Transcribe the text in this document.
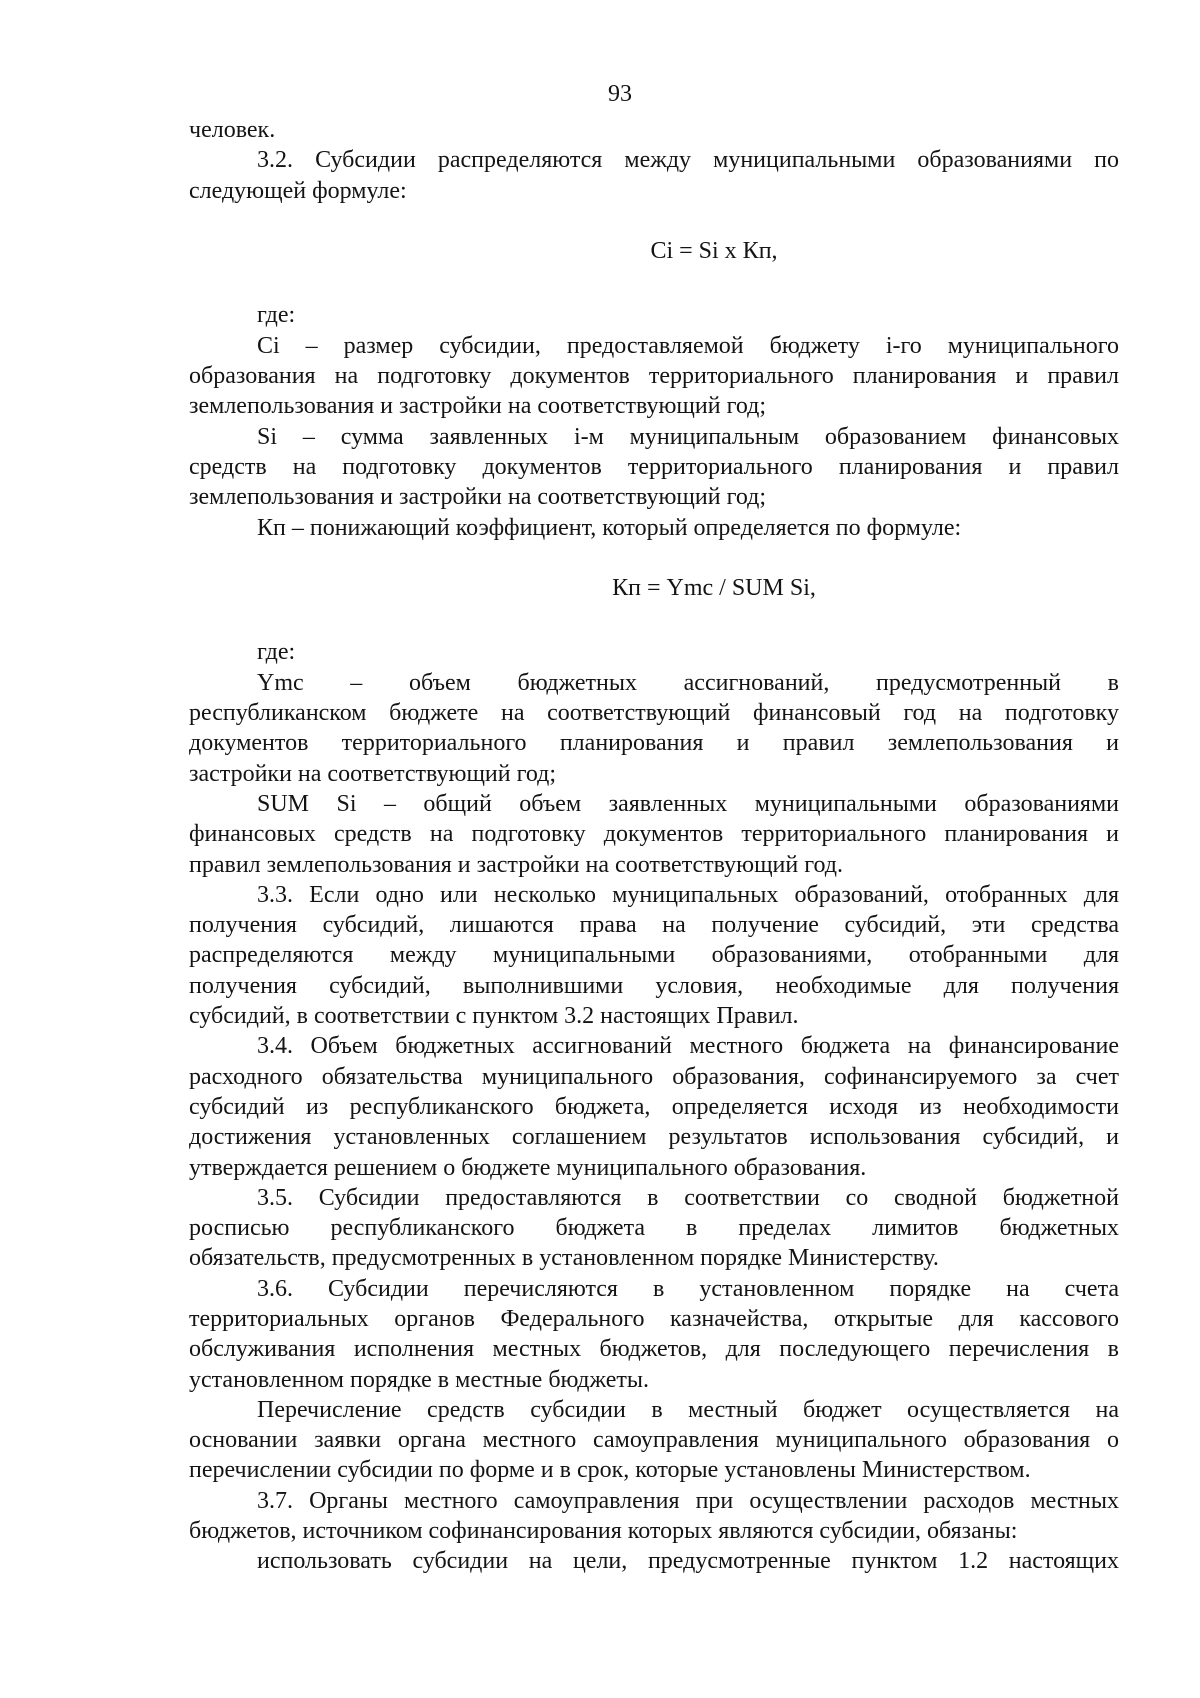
93
человек.
3.2. Субсидии распределяются между муниципальными образованиями по
следующей формуле:
Ci = Si x Кп,
где:
Ci – размер субсидии, предоставляемой бюджету i-го муниципального
образования на подготовку документов территориального планирования и правил
землепользования и застройки на соответствующий год;
Si – сумма заявленных i-м муниципальным образованием финансовых
средств на подготовку документов территориального планирования и правил
землепользования и застройки на соответствующий год;
Кп – понижающий коэффициент, который определяется по формуле:
Кп = Ymc / SUM Si,
где:
Ymc – объем бюджетных ассигнований, предусмотренный в
республиканском бюджете на соответствующий финансовый год на подготовку
документов территориального планирования и правил землепользования и
застройки на соответствующий год;
SUM Si – общий объем заявленных муниципальными образованиями
финансовых средств на подготовку документов территориального планирования и
правил землепользования и застройки на соответствующий год.
3.3. Если одно или несколько муниципальных образований, отобранных для
получения субсидий, лишаются права на получение субсидий, эти средства
распределяются между муниципальными образованиями, отобранными для
получения субсидий, выполнившими условия, необходимые для получения
субсидий, в соответствии с пунктом 3.2 настоящих Правил.
3.4. Объем бюджетных ассигнований местного бюджета на финансирование
расходного обязательства муниципального образования, софинансируемого за счет
субсидий из республиканского бюджета, определяется исходя из необходимости
достижения установленных соглашением результатов использования субсидий, и
утверждается решением о бюджете муниципального образования.
3.5. Субсидии предоставляются в соответствии со сводной бюджетной
росписью республиканского бюджета в пределах лимитов бюджетных
обязательств, предусмотренных в установленном порядке Министерству.
3.6. Субсидии перечисляются в установленном порядке на счета
территориальных органов Федерального казначейства, открытые для кассового
обслуживания исполнения местных бюджетов, для последующего перечисления в
установленном порядке в местные бюджеты.
Перечисление средств субсидии в местный бюджет осуществляется на
основании заявки органа местного самоуправления муниципального образования о
перечислении субсидии по форме и в срок, которые установлены Министерством.
3.7. Органы местного самоуправления при осуществлении расходов местных
бюджетов, источником софинансирования которых являются субсидии, обязаны:
использовать субсидии на цели, предусмотренные пунктом 1.2 настоящих
